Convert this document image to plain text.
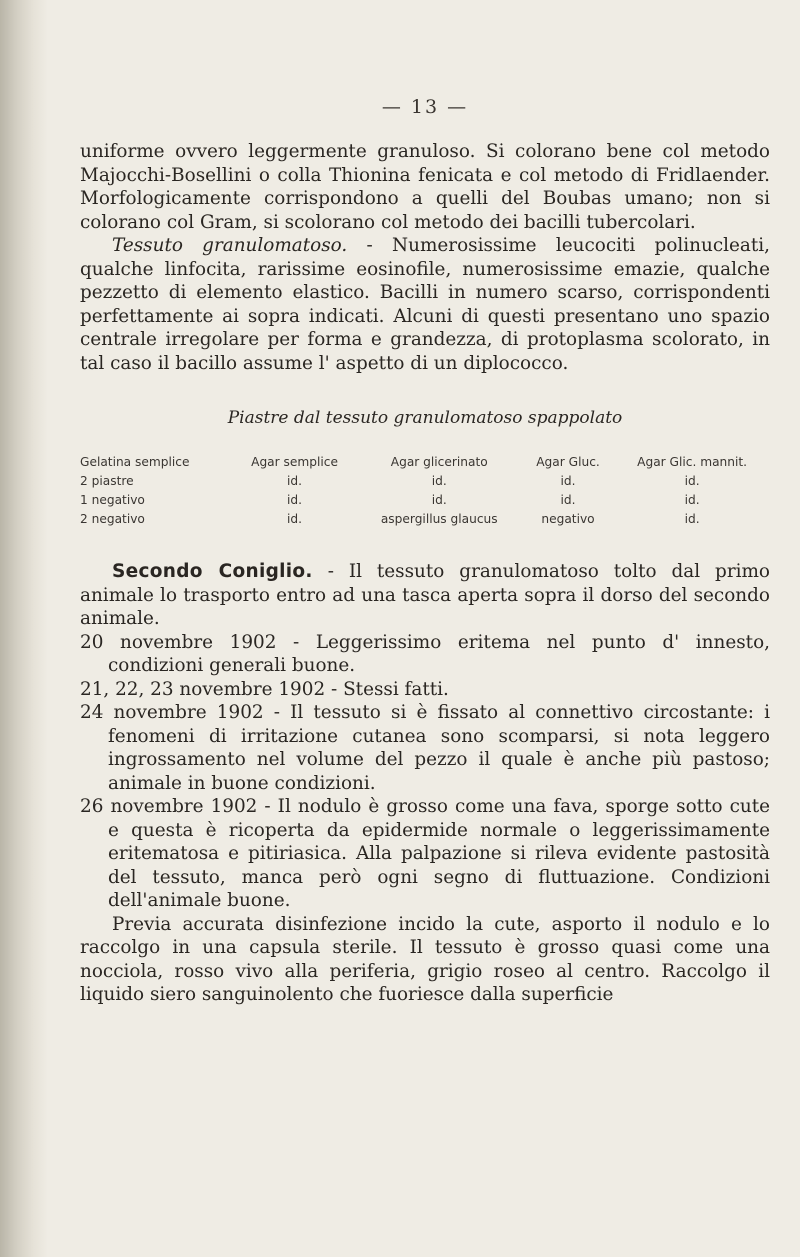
— 13 —

uniforme ovvero leggermente granuloso. Si colorano bene col metodo Majocchi-Bosellini o colla Thionina fenicata e col metodo di Fridlaender. Morfologicamente corrispondono a quelli del Boubas umano; non si colorano col Gram, si scolorano col metodo dei bacilli tubercolari.

Tessuto granulomatoso. - Numerosissime leucociti polinucleati, qualche linfocita, rarissime eosinofile, numerosissime emazie, qualche pezzetto di elemento elastico. Bacilli in numero scarso, corrispondenti perfettamente ai sopra indicati. Alcuni di questi presentano uno spazio centrale irregolare per forma e grandezza, di protoplasma scolorato, in tal caso il bacillo assume l' aspetto di un diplococco.

Piastre dal tessuto granulomatoso spappolato
Gelatina semplice	Agar semplice	Agar glicerinato	Agar Gluc.	Agar Glic. mannit.
2 piastre	id.	id.	id.	id.
1 negativo	id.	id.	id.	id.
2 negativo	id.	aspergillus glaucus	negativo	id.

Secondo Coniglio. - Il tessuto granulomatoso tolto dal primo animale lo trasporto entro ad una tasca aperta sopra il dorso del secondo animale.

20 novembre 1902 - Leggerissimo eritema nel punto d' innesto, condizioni generali buone.

21, 22, 23 novembre 1902 - Stessi fatti.

24 novembre 1902 - Il tessuto si è fissato al connettivo circostante: i fenomeni di irritazione cutanea sono scomparsi, si nota leggero ingrossamento nel volume del pezzo il quale è anche più pastoso; animale in buone condizioni.

26 novembre 1902 - Il nodulo è grosso come una fava, sporge sotto cute e questa è ricoperta da epidermide normale o leggerissimamente eritematosa e pitiriasica. Alla palpazione si rileva evidente pastosità del tessuto, manca però ogni segno di fluttuazione. Condizioni dell'animale buone.

Previa accurata disinfezione incido la cute, asporto il nodulo e lo raccolgo in una capsula sterile. Il tessuto è grosso quasi come una nocciola, rosso vivo alla periferia, grigio roseo al centro. Raccolgo il liquido siero sanguinolento che fuoriesce dalla superficie
